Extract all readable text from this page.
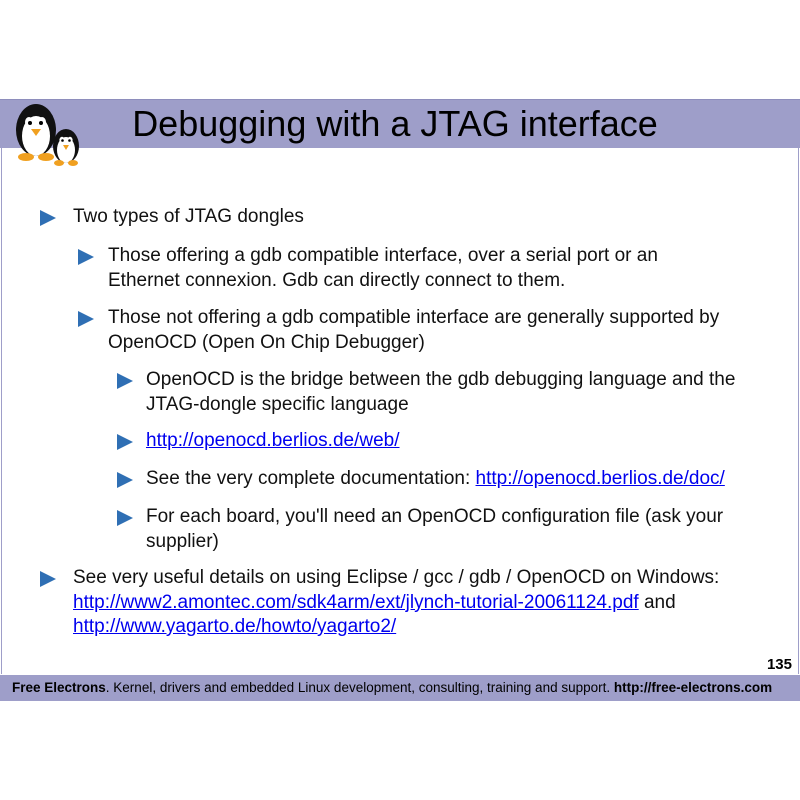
Debugging with a JTAG interface
Two types of JTAG dongles
Those offering a gdb compatible interface, over a serial port or an
Ethernet connexion. Gdb can directly connect to them.
Those not offering a gdb compatible interface are generally supported by
OpenOCD (Open On Chip Debugger)
OpenOCD is the bridge between the gdb debugging language and the
JTAG-dongle specific language
http://openocd.berlios.de/web/
See the very complete documentation: http://openocd.berlios.de/doc/
For each board, you'll need an OpenOCD configuration file (ask your
supplier)
See very useful details on using Eclipse / gcc / gdb / OpenOCD on Windows:
http://www2.amontec.com/sdk4arm/ext/jlynch-tutorial-20061124.pdf and
http://www.yagarto.de/howto/yagarto2/
135
Free Electrons. Kernel, drivers and embedded Linux development, consulting, training and support. http://free-electrons.com
